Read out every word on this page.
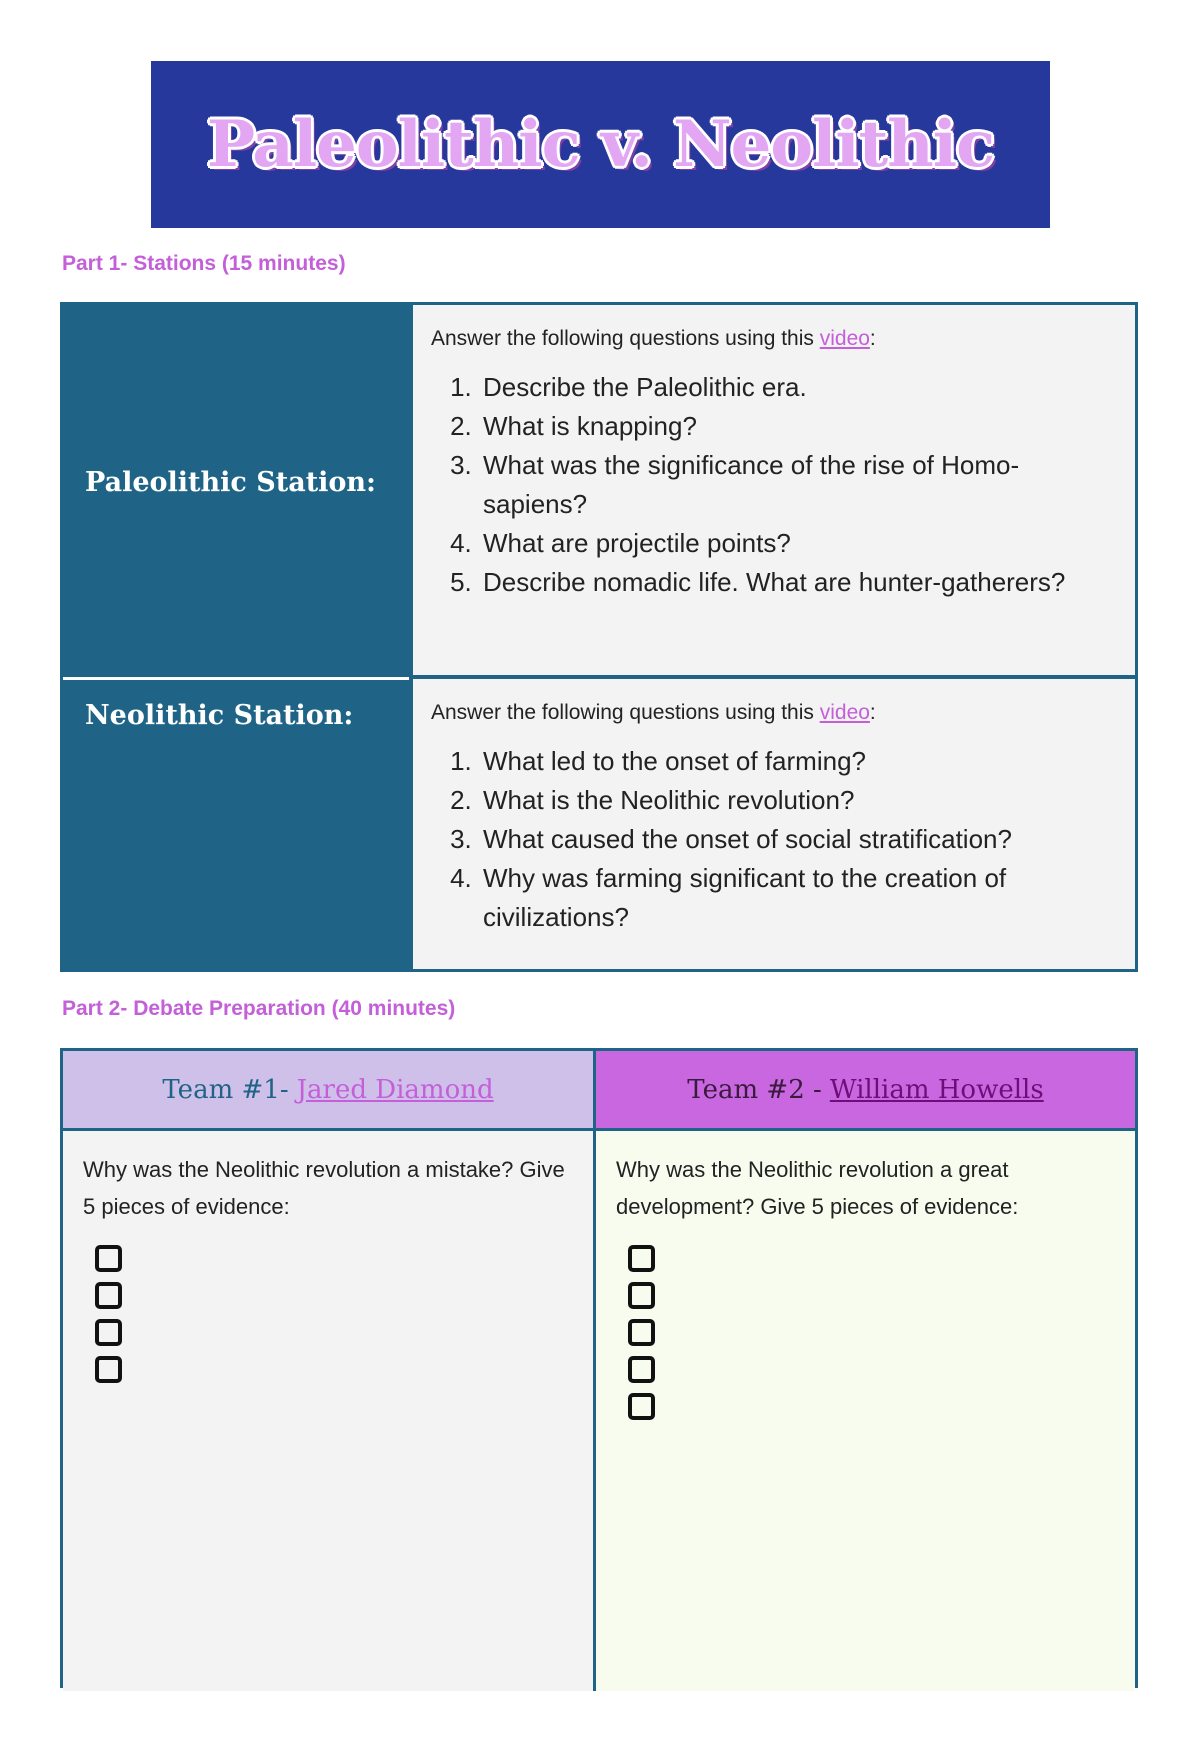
Paleolithic v. Neolithic
Part 1- Stations (15 minutes)
Paleolithic Station:
Neolithic Station:

Answer the following questions using this video:

1. Describe the Paleolithic era.
2. What is knapping?
3. What was the significance of the rise of Homo-sapiens?
4. What are projectile points?
5. Describe nomadic life. What are hunter-gatherers?

Answer the following questions using this video:

1. What led to the onset of farming?
2. What is the Neolithic revolution?
3. What caused the onset of social stratification?
4. Why was farming significant to the creation of civilizations?
Part 2- Debate Preparation (40 minutes)
Team #1- Jared Diamond	Team #2 - William Howells

Why was the Neolithic revolution a mistake? Give 5 pieces of evidence:

Why was the Neolithic revolution a great development? Give 5 pieces of evidence:
